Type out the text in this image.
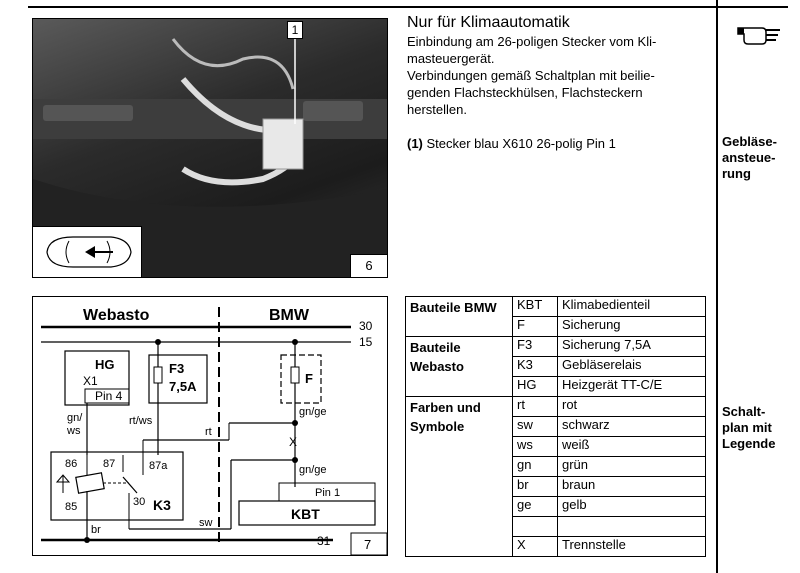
Gebläse-
ansteue-
rung
Schalt-
plan mit
Legende
1
6
Nur für Klimaautomatik
Einbindung am 26-poligen Stecker vom Kli-
masteuergerät.
Verbindungen gemäß Schaltplan mit beilie-
genden Flachsteckhülsen, Flachsteckern
herstellen.
(1) Stecker blau X610 26-polig Pin 1
Webasto	BMW
30
15
31	7
HG
X1
Pin 4
gn/
ws
F3
7,5A
rt/ws
86 87	87a
85	30 K3
br
rt
F
gn/ge
X
gn/ge
sw
Pin 1
KBT
Bauteile BMW	KBT	Klimabedienteil
	F	Sicherung
Bauteile Webasto	F3	Sicherung 7,5A
	K3	Gebläserelais
	HG	Heizgerät TT-C/E
Farben und Symbole	rt	rot
	sw	schwarz
	ws	weiß
	gn	grün
	br	braun
	ge	gelb

	X	Trennstelle
